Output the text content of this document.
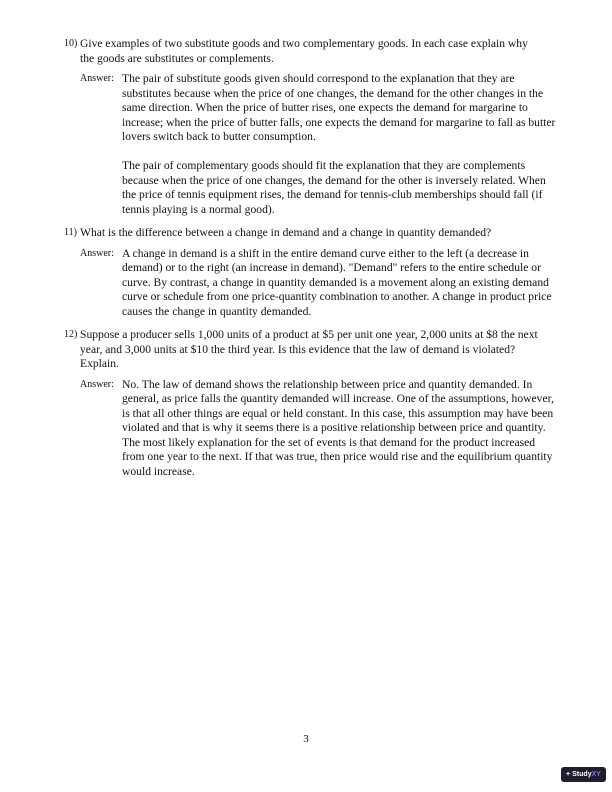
10) Give examples of two substitute goods and two complementary goods. In each case explain why
the goods are substitutes or complements.
Answer: The pair of substitute goods given should correspond to the explanation that they are
substitutes because when the price of one changes, the demand for the other changes in the
same direction. When the price of butter rises, one expects the demand for margarine to
increase; when the price of butter falls, one expects the demand for margarine to fall as butter
lovers switch back to butter consumption.
The pair of complementary goods should fit the explanation that they are complements
because when the price of one changes, the demand for the other is inversely related. When
the price of tennis equipment rises, the demand for tennis-club memberships should fall (if
tennis playing is a normal good).
11) What is the difference between a change in demand and a change in quantity demanded?
Answer: A change in demand is a shift in the entire demand curve either to the left (a decrease in
demand) or to the right (an increase in demand). "Demand" refers to the entire schedule or
curve. By contrast, a change in quantity demanded is a movement along an existing demand
curve or schedule from one price-quantity combination to another. A change in product price
causes the change in quantity demanded.
12) Suppose a producer sells 1,000 units of a product at $5 per unit one year, 2,000 units at $8 the next
year, and 3,000 units at $10 the third year. Is this evidence that the law of demand is violated?
Explain.
Answer: No. The law of demand shows the relationship between price and quantity demanded. In
general, as price falls the quantity demanded will increase. One of the assumptions, however,
is that all other things are equal or held constant. In this case, this assumption may have been
violated and that is why it seems there is a positive relationship between price and quantity.
The most likely explanation for the set of events is that demand for the product increased
from one year to the next. If that was true, then price would rise and the equilibrium quantity
would increase.
3
+ Study XY
